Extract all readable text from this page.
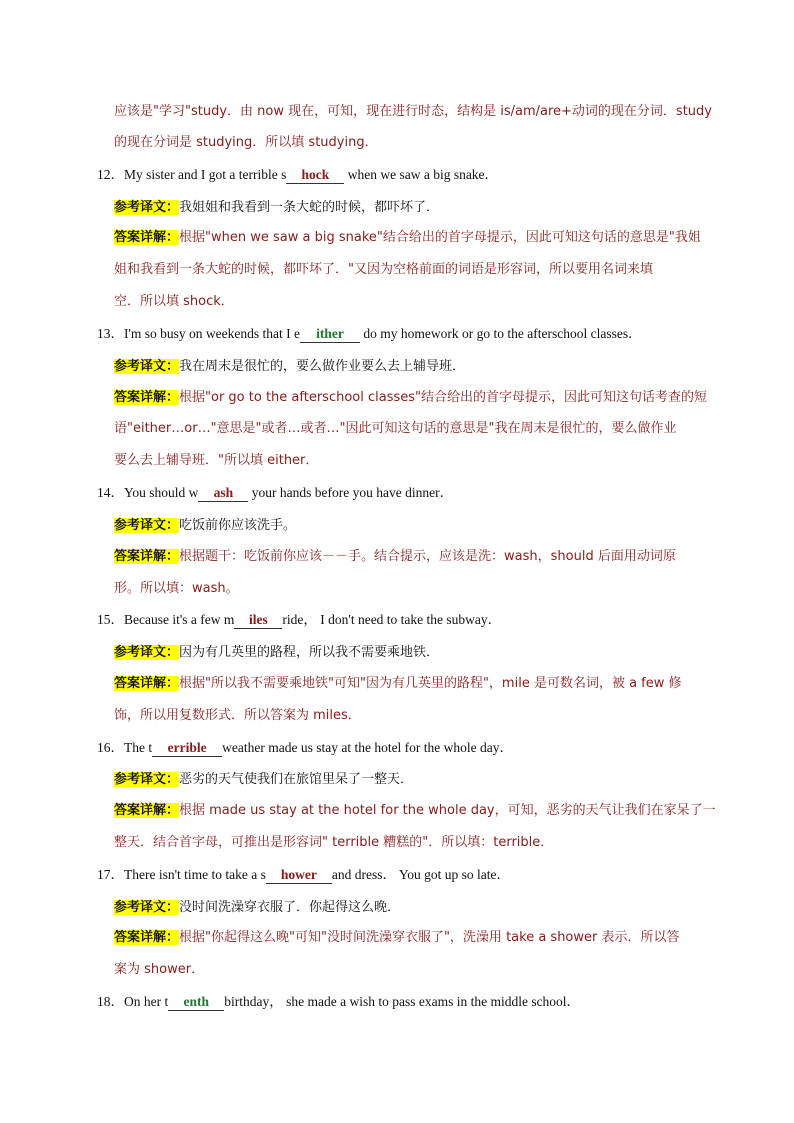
应该是"学习"study．由 now 现在，可知，现在进行时态，结构是 is/am/are+动词的现在分词．study
的现在分词是 studying．所以填 studying．
12．My sister and I got a terrible s hock when we saw a big snake．
参考译文：我姐姐和我看到一条大蛇的时候，都吓坏了．
答案详解：根据"when we saw a big snake"结合给出的首字母提示，因此可知这句话的意思是"我姐
姐和我看到一条大蛇的时候，都吓坏了．"又因为空格前面的词语是形容词，所以要用名词来填
空．所以填 shock．
13．I'm so busy on weekends that I e ither do my homework or go to the afterschool classes．
参考译文：我在周末是很忙的，要么做作业要么去上辅导班．
答案详解：根据"or go to the afterschool classes"结合给出的首字母提示，因此可知这句话考查的短
语"either…or…"意思是"或者…或者…"因此可知这句话的意思是"我在周末是很忙的，要么做作业
要么去上辅导班．"所以填 either．
14．You should w ash your hands before you have dinner．
参考译文：吃饭前你应该洗手。
答案详解：根据题干：吃饭前你应该－－手。结合提示，应该是洗：wash，should 后面用动词原
形。所以填：wash。
15．Because it's a few m iles ride， I don't need to take the subway．
参考译文：因为有几英里的路程，所以我不需要乘地铁．
答案详解：根据"所以我不需要乘地铁"可知"因为有几英里的路程"，mile 是可数名词，被 a few 修
饰，所以用复数形式．所以答案为 miles．
16．The t errible weather made us stay at the hotel for the whole day．
参考译文：恶劣的天气使我们在旅馆里呆了一整天．
答案详解：根据 made us stay at the hotel for the whole day，可知，恶劣的天气让我们在家呆了一
整天．结合首字母，可推出是形容词" terrible 糟糕的"．所以填：terrible．
17．There isn't time to take a s hower and dress． You got up so late．
参考译文：没时间洗澡穿衣服了．你起得这么晚．
答案详解：根据"你起得这么晚"可知"没时间洗澡穿衣服了"，洗澡用 take a shower 表示．所以答
案为 shower．
18．On her t enth birthday， she made a wish to pass exams in the middle school．
